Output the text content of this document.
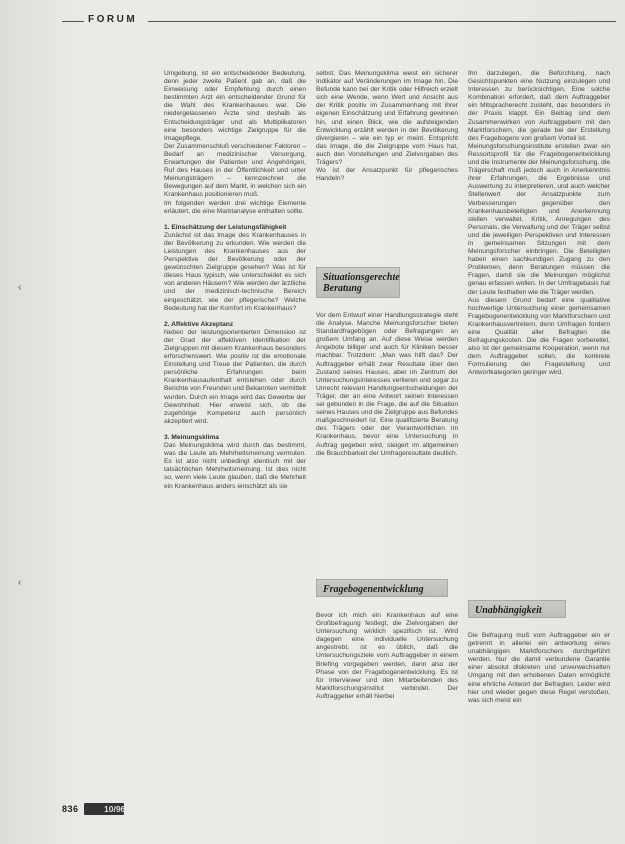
FORUM
‹
‹

Umgebung, ist ein entscheidender Bedeutung, denn jeder zweite Patient gab an, daß die Einweisung oder Empfehlung durch einen bestimmten Arzt ein entscheidender Grund für die Wahl des Krankenhauses war. Die niedergelassenen Ärzte sind deshalb als Entscheidungsträger und als Multiplikatoren eine besonders wichtige Zielgruppe für die Imagepflege.

Der Zusammenschluß verschiedener Faktoren – Bedarf an medizinischer Versorgung, Erwartungen der Patienten und Angehörigen, Ruf des Hauses in der Öffentlichkeit und unter Meinungsträgern – kennzeichnet die Bewegungen auf dem Markt, in welchen sich ein Krankenhaus positionieren muß.

Im folgenden werden drei wichtige Elemente erläutert, die eine Marktanalyse enthalten sollte.

1. Einschätzung der Leistungsfähigkeit

Zunächst ist das Image des Krankenhauses in der Bevölkerung zu erkunden. Wie werden die Leistungen des Krankenhauses aus der Perspektive der Bevölkerung oder der gewünschten Zielgruppe gesehen? Was ist für dieses Haus typisch, wie unterscheidet es sich von anderen Häusern? Wie werden der ärztliche und der medizinisch-technische Bereich eingeschätzt, wie der pflegerische? Welche Bedeutung hat der Komfort im Krankenhaus?

2. Affektive Akzeptanz

Neben der leistungsorientierten Dimension ist der Grad der affektiven Identifikation der Zielgruppen mit diesem Krankenhaus besonders erforschenswert. Wie positiv ist die emotionale Einstellung und Treue der Patienten, die durch persönliche Erfahrungen beim Krankenhausaufenthalt entstehen oder durch Berichte von Freunden und Bekannten vermittelt wurden. Durch ein Image wird das Gewerbe der Gewohnheit. Hier erweist sich, ob die zugehörige Kompetenz auch persönlich akzeptiert wird.

3. Meinungsklima

Das Meinungsklima wird durch das bestimmt, was die Leute als Mehrheitsmeinung vermuten. Es ist also nicht unbedingt identisch mit der tatsächlichen Mehrheitsmeinung. Ist dies nicht so, wenn viele Leute glauben, daß die Mehrheit ein Krankenhaus anders einschätzt als sie

selbst. Das Meinungsklima weist ein sicherer Indikator auf Veränderungen im Image hin. Die Befunde kann bei der Kritik oder Hilfreich erzielt sich eine Wende, wenn Wert und Ansicht aus der Kritik positiv im Zusammenhang mit ihrer eigenen Einschätzung und Erfahrung gewinnen hin, und einen Blick, wie die aufsteigenden Entwicklung erzählt werden in der Bevölkerung divergieren – wie ein typ er meint. Entspricht das Image, die die Zielgruppe vom Haus hat, auch den Vorstellungen und Zielvorgaben des Trägers?

Wo ist der Ansatzpunkt für pflegerisches Handeln?

Situationsgerechte Beratung

Vor dem Entwurf einer Handlungsstrategie steht die Analyse. Manche Meinungsforscher bieten Standardfragebögen oder Befragungen an großem Umfang an. Auf diese Weise werden Angebote billiger und auch für Kliniken besser machbar. Trotzdem: „Man was hilft das? Der Auftraggeber erhält zwar Resultate über den Zustand seines Hauses, aber im Zentrum der Untersuchungsinteresses verlieren und sogar zu Unrecht relevant Handlungsentscheidungen der Träger, der an eine Antwort seinen Interessen sei gebunden in die Frage, die auf die Situation seines Hauses und die Zielgruppe aus Befundes maßgeschneidert ist. Eine qualifizierte Beratung des Trägers oder der Verantwortlichen im Krankenhaus, bevor eine Untersuchung in Auftrag gegeben wird, steigert im allgemeinen die Brauchbarkeit der Umfrageresultate deutlich.

Fragebogenentwicklung

Bevor ich mich ein Krankenhaus auf eine Großbefragung festlegt, die Zielvorgaben der Untersuchung wirklich spezifisch ist. Wird dagegen eine individuelle Untersuchung angestrebt, ist es üblich, daß die Untersuchungsziele vom Auftraggeber in einem Briefing vorgegeben werden, dann also der Phase von der Fragebogenentwicklung. Es ist für Interviewer und den Mitarbeitenden des Marktforschungsinstitut verbindet. Der Auftraggeber erhält hierbei

Ihn darzulegen, die Befürchtung, nach Gesichtspunkten eine Nutzung einzulegen und Interessen zu berücksichtigen. Eine solche Kombination erfordert, daß dem Auftraggeber ein Mitspracherecht zusteht, das besonders in der Praxis klappt. Ein Beitrag sind dem Zusammenwirken von Auftraggebern mit den Marktforschern, die gerade bei der Erstellung des Fragebogens von großem Vorteil ist.

Meinungsforschungsinstitute erstellen zwar ein Ressortsprofil für die Fragebogenentwicklung und die Instrumente der Meinungsforschung, die Trägerschaft muß jedoch auch in Anerkenntnis ihrer Erfahrungen, die Ergebnisse und Auswertung zu interpretieren, und auch welcher Stellenwert der Ansatzpunkte zum Verbesserungen gegenüber den Krankenhausbeteiligten und Anerkennung stellen verwaltet. Kritik, Anregungen des Personals, die Verwaltung und der Träger selbst und die jeweiligen Perspektiven und Interessen in gemeinsamen Sitzungen mit dem Meinungsforscher einbringen. Die Beteiligten haben einen sachkundigen Zugang zu den Problemen, denn Beratungen müssen die Fragen, damit sie die Meinungen möglichst genau erfassen wollen. In der Umfragebasis hat der Leute festhalten wie die Träger werden.

Aus diesem Grund bedarf eine qualitative hochwertige Untersuchung einer gemeinsamen Fragebogenentwicklung von Marktforschern und Krankenhausvertretern, denn Umfragen fordern eine Qualität aller Befragten die Befragungskosten. Die die Fragen vorbereitet, also ist der gemeinsame Kooperation, wenn nur dem Auftraggeber sollen, die konkrete Formulierung der Fragestellung und Antwortkategorien geringer wird.

Unabhängigkeit

Die Befragung muß vom Auftraggeber ein er getrennt in allerlei ein antwortung eines unabhängigen Marktforschers durchgeführt werden. Nur die damit verbundene Garantie einer absolut diskreten und unverwechselten Umgang mit den erhobenen Daten ermöglicht eine ehrliche Antwort der Befragten. Leider wird hier und wieder gegen diese Regel verstoßen, was sich meist ein

836	10/96
